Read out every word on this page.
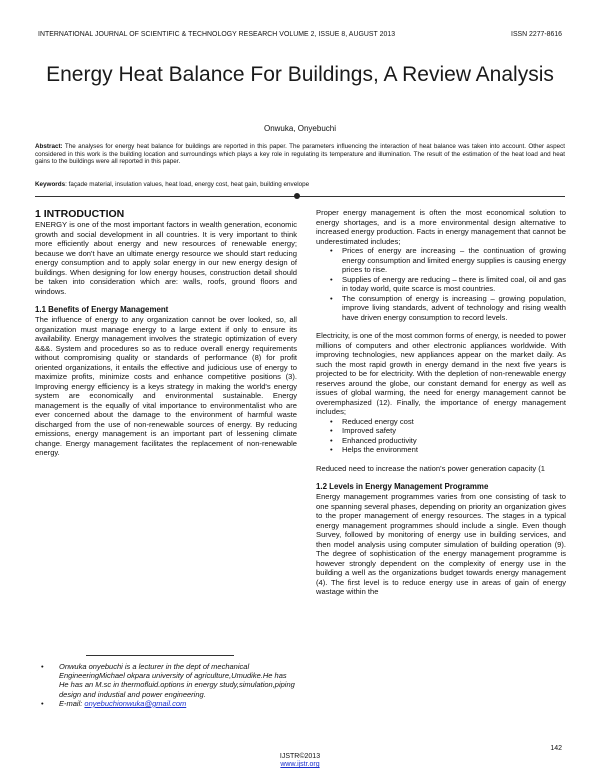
INTERNATIONAL JOURNAL OF SCIENTIFIC & TECHNOLOGY RESEARCH VOLUME 2, ISSUE 8, AUGUST 2013	ISSN 2277-8616
Energy Heat Balance For Buildings, A Review Analysis
Onwuka, Onyebuchi
Abstract: The analyses for energy heat balance for buildings are reported in this paper. The parameters influencing the interaction of heat balance was taken into account. Other aspect considered in this work is the building location and surroundings which plays a key role in regulating its temperature and illumination. The result of the estimation of the heat load and heat gains to the buildings were all reported in this paper.
Keywords: façade material, insulation values, heat load, energy cost, heat gain, building envelope
1 INTRODUCTION

ENERGY is one of the most important factors in wealth generation, economic growth and social development in all countries. It is very important to think more efficiently about energy and new resources of renewable energy; because we don't have an ultimate energy resource we should start reducing energy consumption and to apply solar energy in our new energy design of buildings. When designing for low energy houses, construction detail should be taken into consideration which are: walls, roofs, ground floors and windows.

1.1 Benefits of Energy Management

The influence of energy to any organization cannot be over looked, so, all organization must manage energy to a large extent if only to ensure its availability. Energy management involves the strategic optimization of every &&&. System and procedures so as to reduce overall energy requirements without compromising quality or standards of performance (8) for profit oriented organizations, it entails the effective and judicious use of energy to maximize profits, minimize costs and enhance competitive positions (3). Improving energy efficiency is a keys strategy in making the world's energy system are economically and environmental sustainable. Energy management is the equally of vital importance to environmentalist who are ever concerned about the damage to the environment of harmful waste discharged from the use of non-renewable sources of energy. By reducing emissions, energy management is an important part of lessening climate change. Energy management facilitates the replacement of non-renewable energy.

• Onwuka onyebuchi is a lecturer in the dept of mechanical EngineeringMichael okpara university of agriculture,Umudike.He has He has an M.sc in thermofluid.options in energy study,simulation,piping design and industial and power engineering.
• E-mail: onyebuchionwuka@gmail.com

Proper energy management is often the most economical solution to energy shortages, and is a more environmental design alternative to increased energy production. Facts in energy management that cannot be underestimated includes;

• Prices of energy are increasing – the continuation of growing energy consumption and limited energy supplies is causing energy prices to rise.
• Supplies of energy are reducing – there is limited coal, oil and gas in today world, quite scarce is most countries.
• The consumption of energy is increasing – growing population, improve living standards, advent of technology and rising wealth have driven energy consumption to record levels.

Electricity, is one of the most common forms of energy, is needed to power millions of computers and other electronic appliances worldwide. With improving technologies, new appliances appear on the market daily. As such the most rapid growth in energy demand in the next five years is projected to be for electricity. With the depletion of non-renewable energy reserves around the globe, our constant demand for energy as well as issues of global warming, the need for energy management cannot be overemphasized (12). Finally, the importance of energy management includes;

• Reduced energy cost
• Improved safety
• Enhanced productivity
• Helps the environment

Reduced need to increase the nation's power generation capacity (1

1.2 Levels in Energy Management Programme

Energy management programmes varies from one consisting of task to one spanning several phases, depending on priority an organization gives to the proper management of energy resources. The stages in a typical energy management programmes should include a single. Even though Survey, followed by monitoring of energy use in building services, and then model analysis using computer simulation of building operation (9). The degree of sophistication of the energy management programme is however strongly dependent on the complexity of energy use in the building a well as the organizations budget towards energy management (4). The first level is to reduce energy use in areas of gain of energy wastage within the

142
IJSTR©2013
www.ijstr.org
